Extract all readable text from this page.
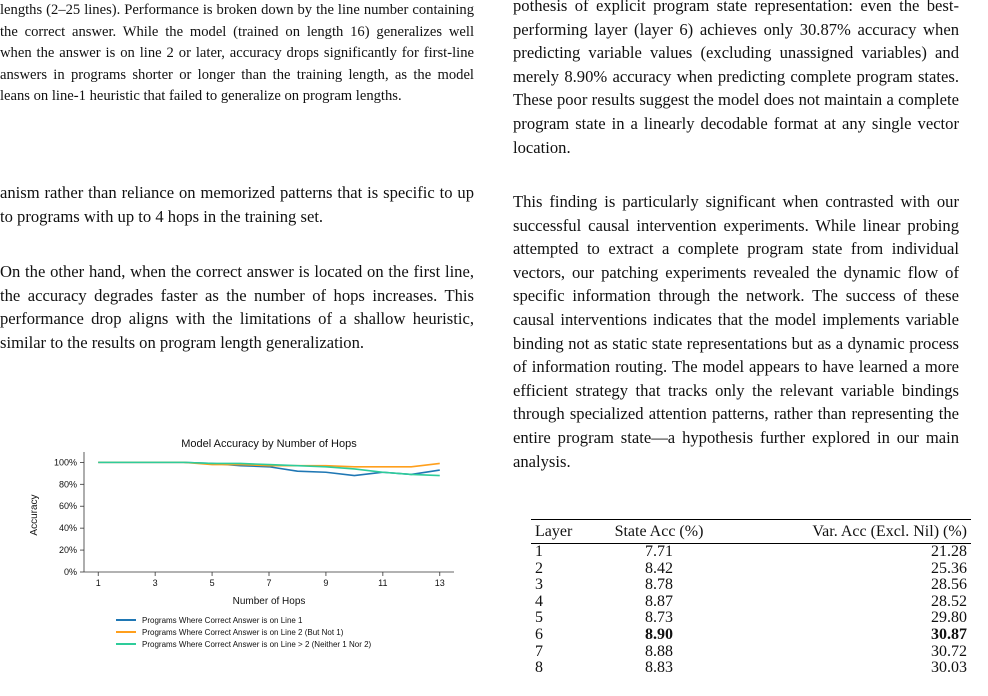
lengths (2–25 lines). Performance is broken down by the line number containing the correct answer. While the model (trained on length 16) generalizes well when the answer is on line 2 or later, accuracy drops significantly for first-line answers in programs shorter or longer than the training length, as the model leans on line-1 heuristic that failed to generalize on program lengths.

anism rather than reliance on memorized patterns that is specific to up to programs with up to 4 hops in the training set.

On the other hand, when the correct answer is located on the first line, the accuracy degrades faster as the number of hops increases. This performance drop aligns with the limitations of a shallow heuristic, similar to the results on program length generalization.

Model Accuracy by Number of Hops
1	3	5	7	9	11	13
0%
20%
40%
60%
80%
100%
Number of Hops
Accuracy
Programs Where Correct Answer is on Line 1
Programs Where Correct Answer is on Line 2 (But Not 1)
Programs Where Correct Answer is on Line > 2 (Neither 1 Nor 2)

pothesis of explicit program state representation: even the best-performing layer (layer 6) achieves only 30.87% accuracy when predicting variable values (excluding unassigned variables) and merely 8.90% accuracy when predicting complete program states. These poor results suggest the model does not maintain a complete program state in a linearly decodable format at any single vector location.

This finding is particularly significant when contrasted with our successful causal intervention experiments. While linear probing attempted to extract a complete program state from individual vectors, our patching experiments revealed the dynamic flow of specific information through the network. The success of these causal interventions indicates that the model implements variable binding not as static state representations but as a dynamic process of information routing. The model appears to have learned a more efficient strategy that tracks only the relevant variable bindings through specialized attention patterns, rather than representing the entire program state—a hypothesis further explored in our main analysis.

Layer	State Acc (%)	Var. Acc (Excl. Nil) (%)
1	7.71	21.28
2	8.42	25.36
3	8.78	28.56
4	8.87	28.52
5	8.73	29.80
6	8.90	30.87
7	8.88	30.72
8	8.83	30.03
